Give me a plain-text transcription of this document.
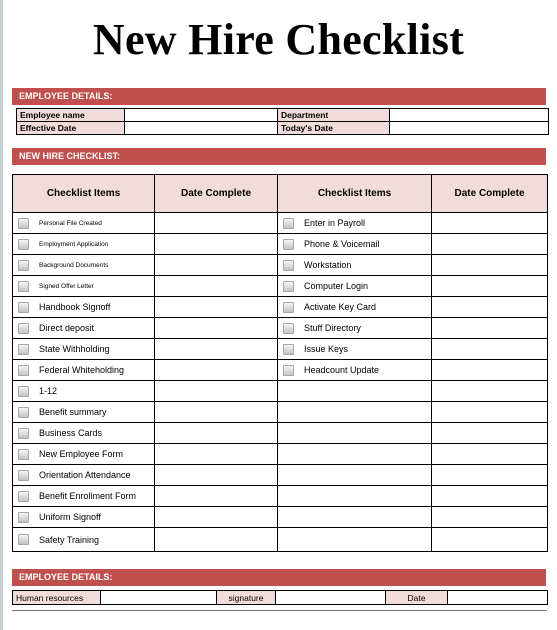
New Hire Checklist
EMPLOYEE DETAILS:
Employee name		Department	
Effective Date		Today's Date	
NEW HIRE CHECKLIST:
Checklist Items	Date Complete	Checklist Items	Date Complete

Personal File Created		Enter in Payroll	

Employment Application		Phone & Voicemail	

Background Documents		Workstation	

Signed Offer Letter		Computer Login	

Handbook Signoff		Activate Key Card	

Direct deposit		Stuff Directory	

State Withholding		Issue Keys	

Federal Whiteholding		Headcount Update	

1-12			

Benefit summary			

Business Cards			

New Employee Form			

Orientation Attendance			

Benefit Enrollment Form			

Uniform Signoff			

Safety Training			

EMPLOYEE DETAILS:
Human resources		signature		Date	
